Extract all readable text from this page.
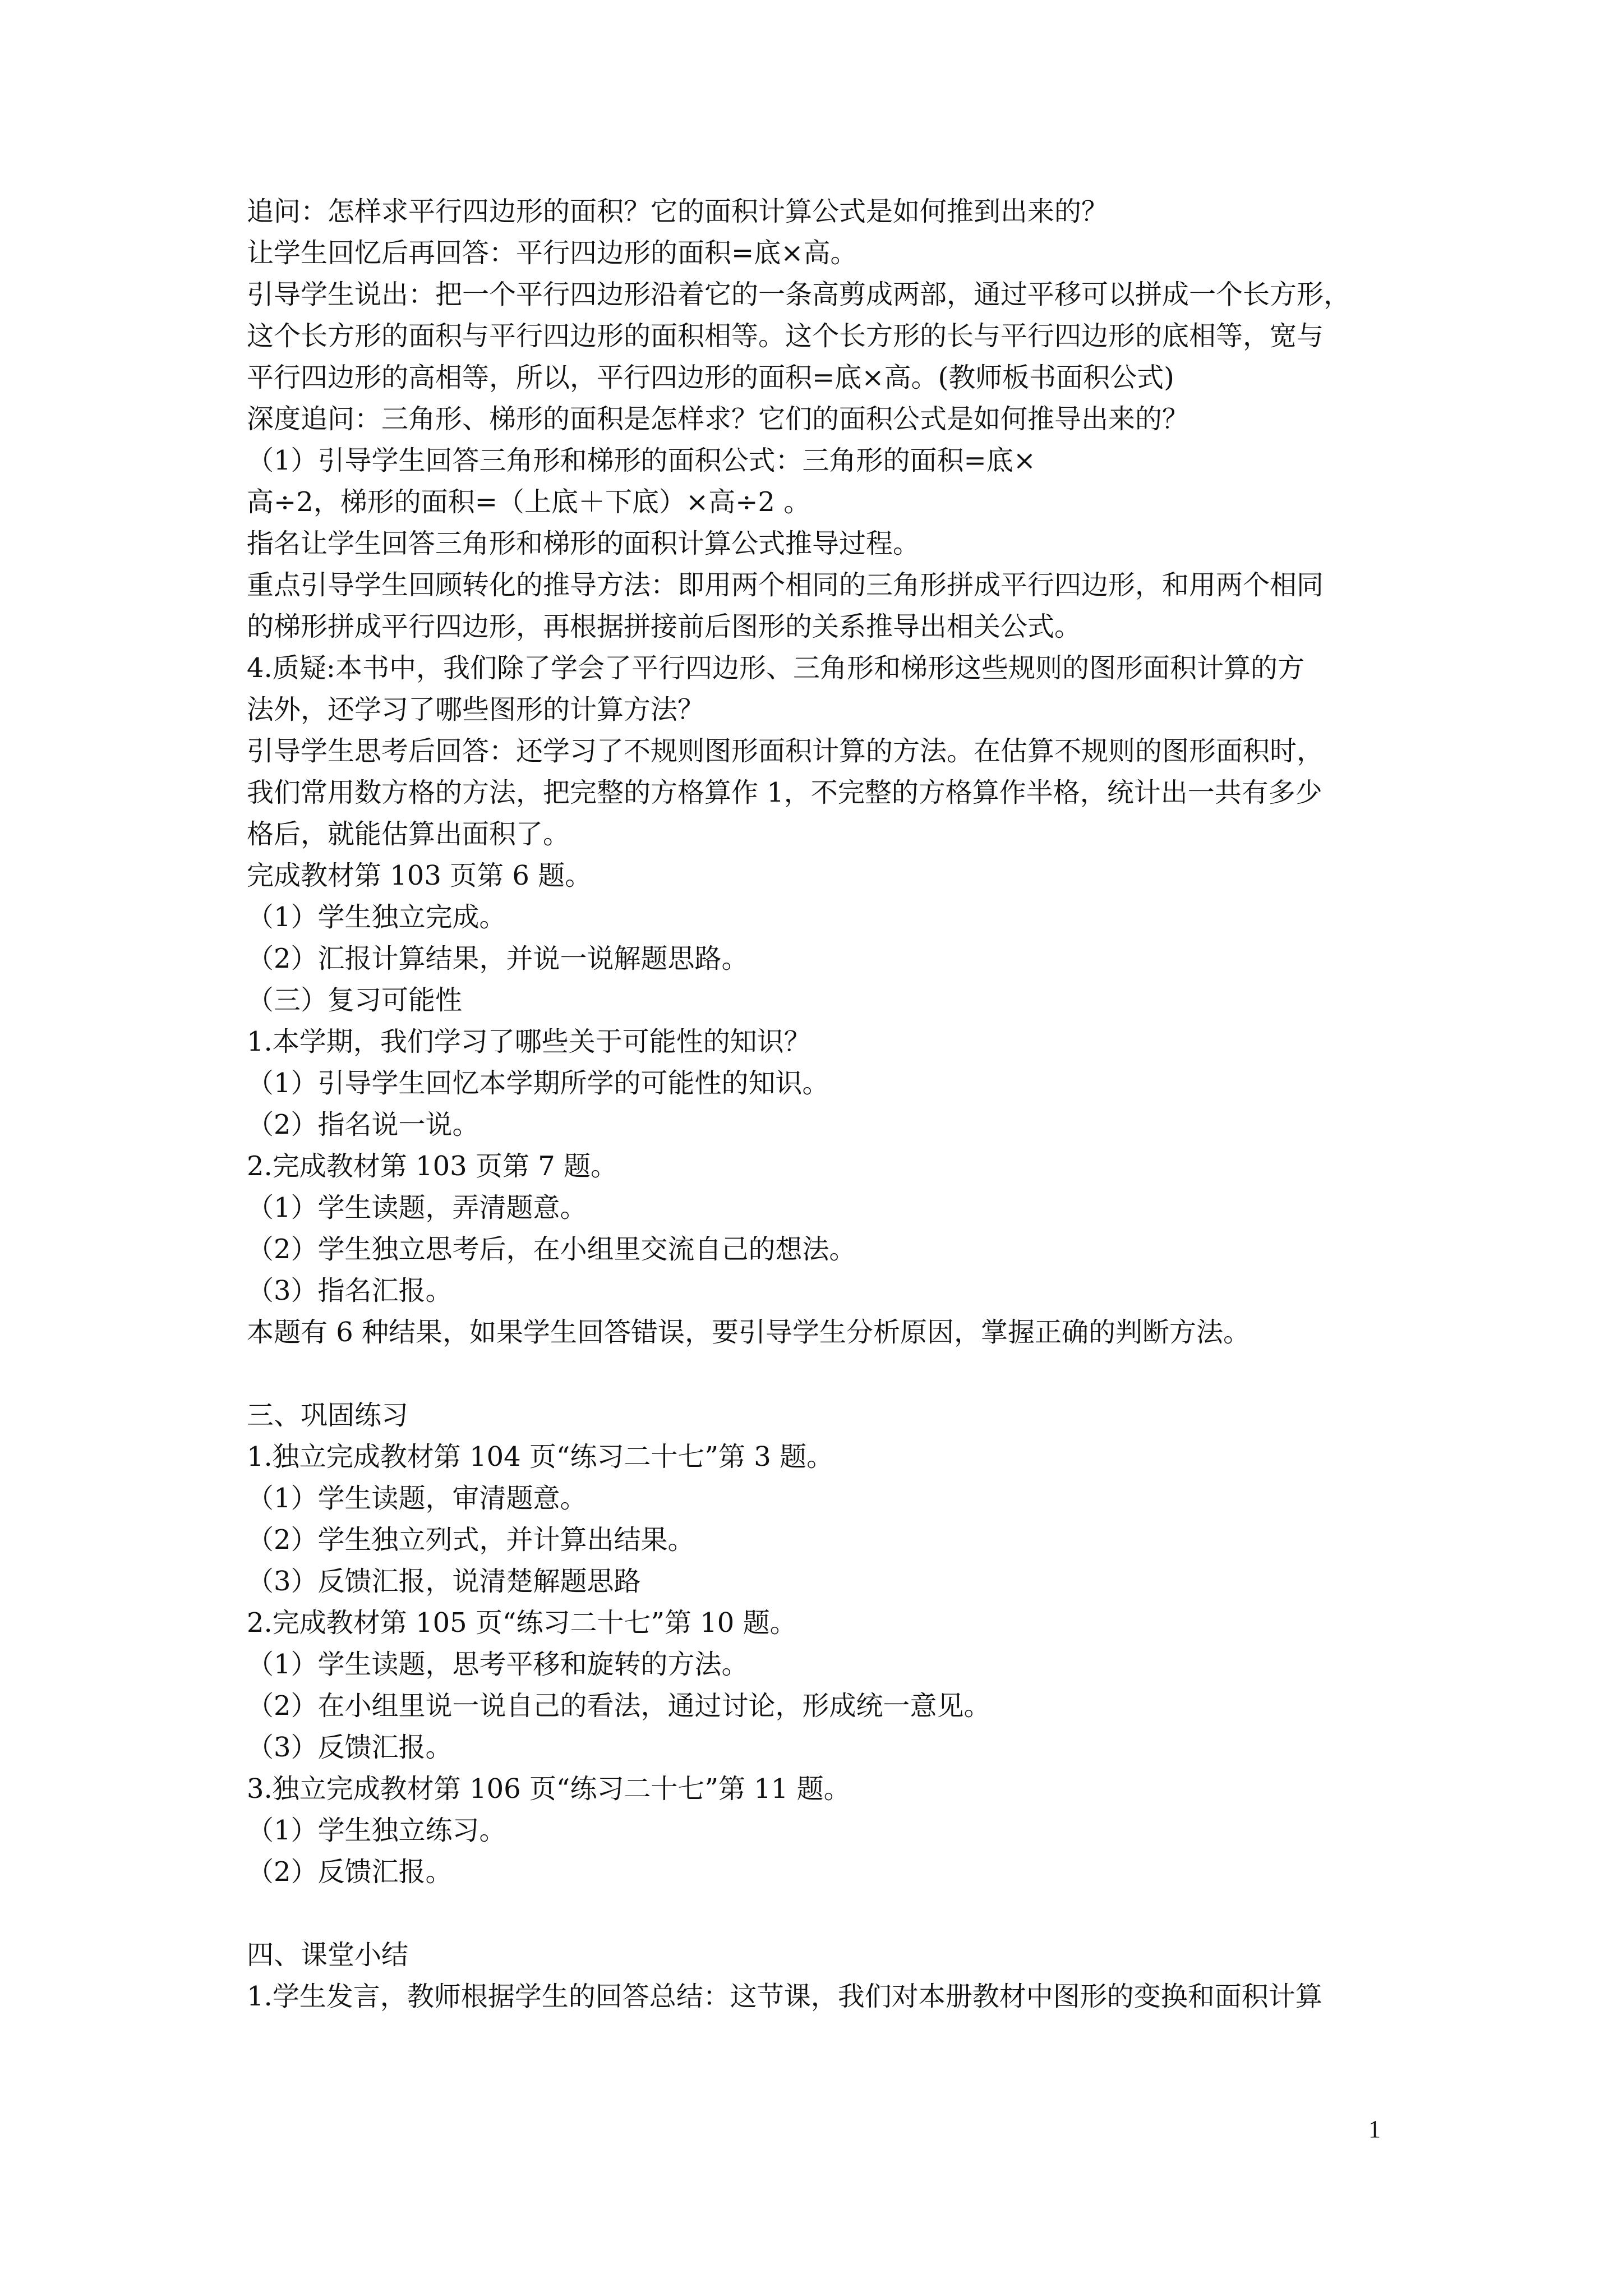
追问：怎样求平行四边形的面积？它的面积计算公式是如何推到出来的？
让学生回忆后再回答：平行四边形的面积=底×高。
引导学生说出：把一个平行四边形沿着它的一条高剪成两部，通过平移可以拼成一个长方形，
这个长方形的面积与平行四边形的面积相等。这个长方形的长与平行四边形的底相等，宽与
平行四边形的高相等，所以，平行四边形的面积=底×高。(教师板书面积公式)
深度追问：三角形、梯形的面积是怎样求？它们的面积公式是如何推导出来的？
（1）引导学生回答三角形和梯形的面积公式：三角形的面积=底×
高÷2，梯形的面积=（上底＋下底）×高÷2 。
指名让学生回答三角形和梯形的面积计算公式推导过程。
重点引导学生回顾转化的推导方法：即用两个相同的三角形拼成平行四边形，和用两个相同
的梯形拼成平行四边形，再根据拼接前后图形的关系推导出相关公式。
4.质疑:本书中，我们除了学会了平行四边形、三角形和梯形这些规则的图形面积计算的方
法外，还学习了哪些图形的计算方法？
引导学生思考后回答：还学习了不规则图形面积计算的方法。在估算不规则的图形面积时，
我们常用数方格的方法，把完整的方格算作 1，不完整的方格算作半格，统计出一共有多少
格后，就能估算出面积了。
完成教材第 103 页第 6 题。
（1）学生独立完成。
（2）汇报计算结果，并说一说解题思路。
（三）复习可能性
1.本学期，我们学习了哪些关于可能性的知识？
（1）引导学生回忆本学期所学的可能性的知识。
（2）指名说一说。
2.完成教材第 103 页第 7 题。
（1）学生读题，弄清题意。
（2）学生独立思考后，在小组里交流自己的想法。
（3）指名汇报。
本题有 6 种结果，如果学生回答错误，要引导学生分析原因，掌握正确的判断方法。
三、巩固练习
1.独立完成教材第 104 页“练习二十七”第 3 题。
（1）学生读题，审清题意。
（2）学生独立列式，并计算出结果。
（3）反馈汇报，说清楚解题思路
2.完成教材第 105 页“练习二十七”第 10 题。
（1）学生读题，思考平移和旋转的方法。
（2）在小组里说一说自己的看法，通过讨论，形成统一意见。
（3）反馈汇报。
3.独立完成教材第 106 页“练习二十七”第 11 题。
（1）学生独立练习。
（2）反馈汇报。
四、课堂小结
1.学生发言，教师根据学生的回答总结：这节课，我们对本册教材中图形的变换和面积计算
1
